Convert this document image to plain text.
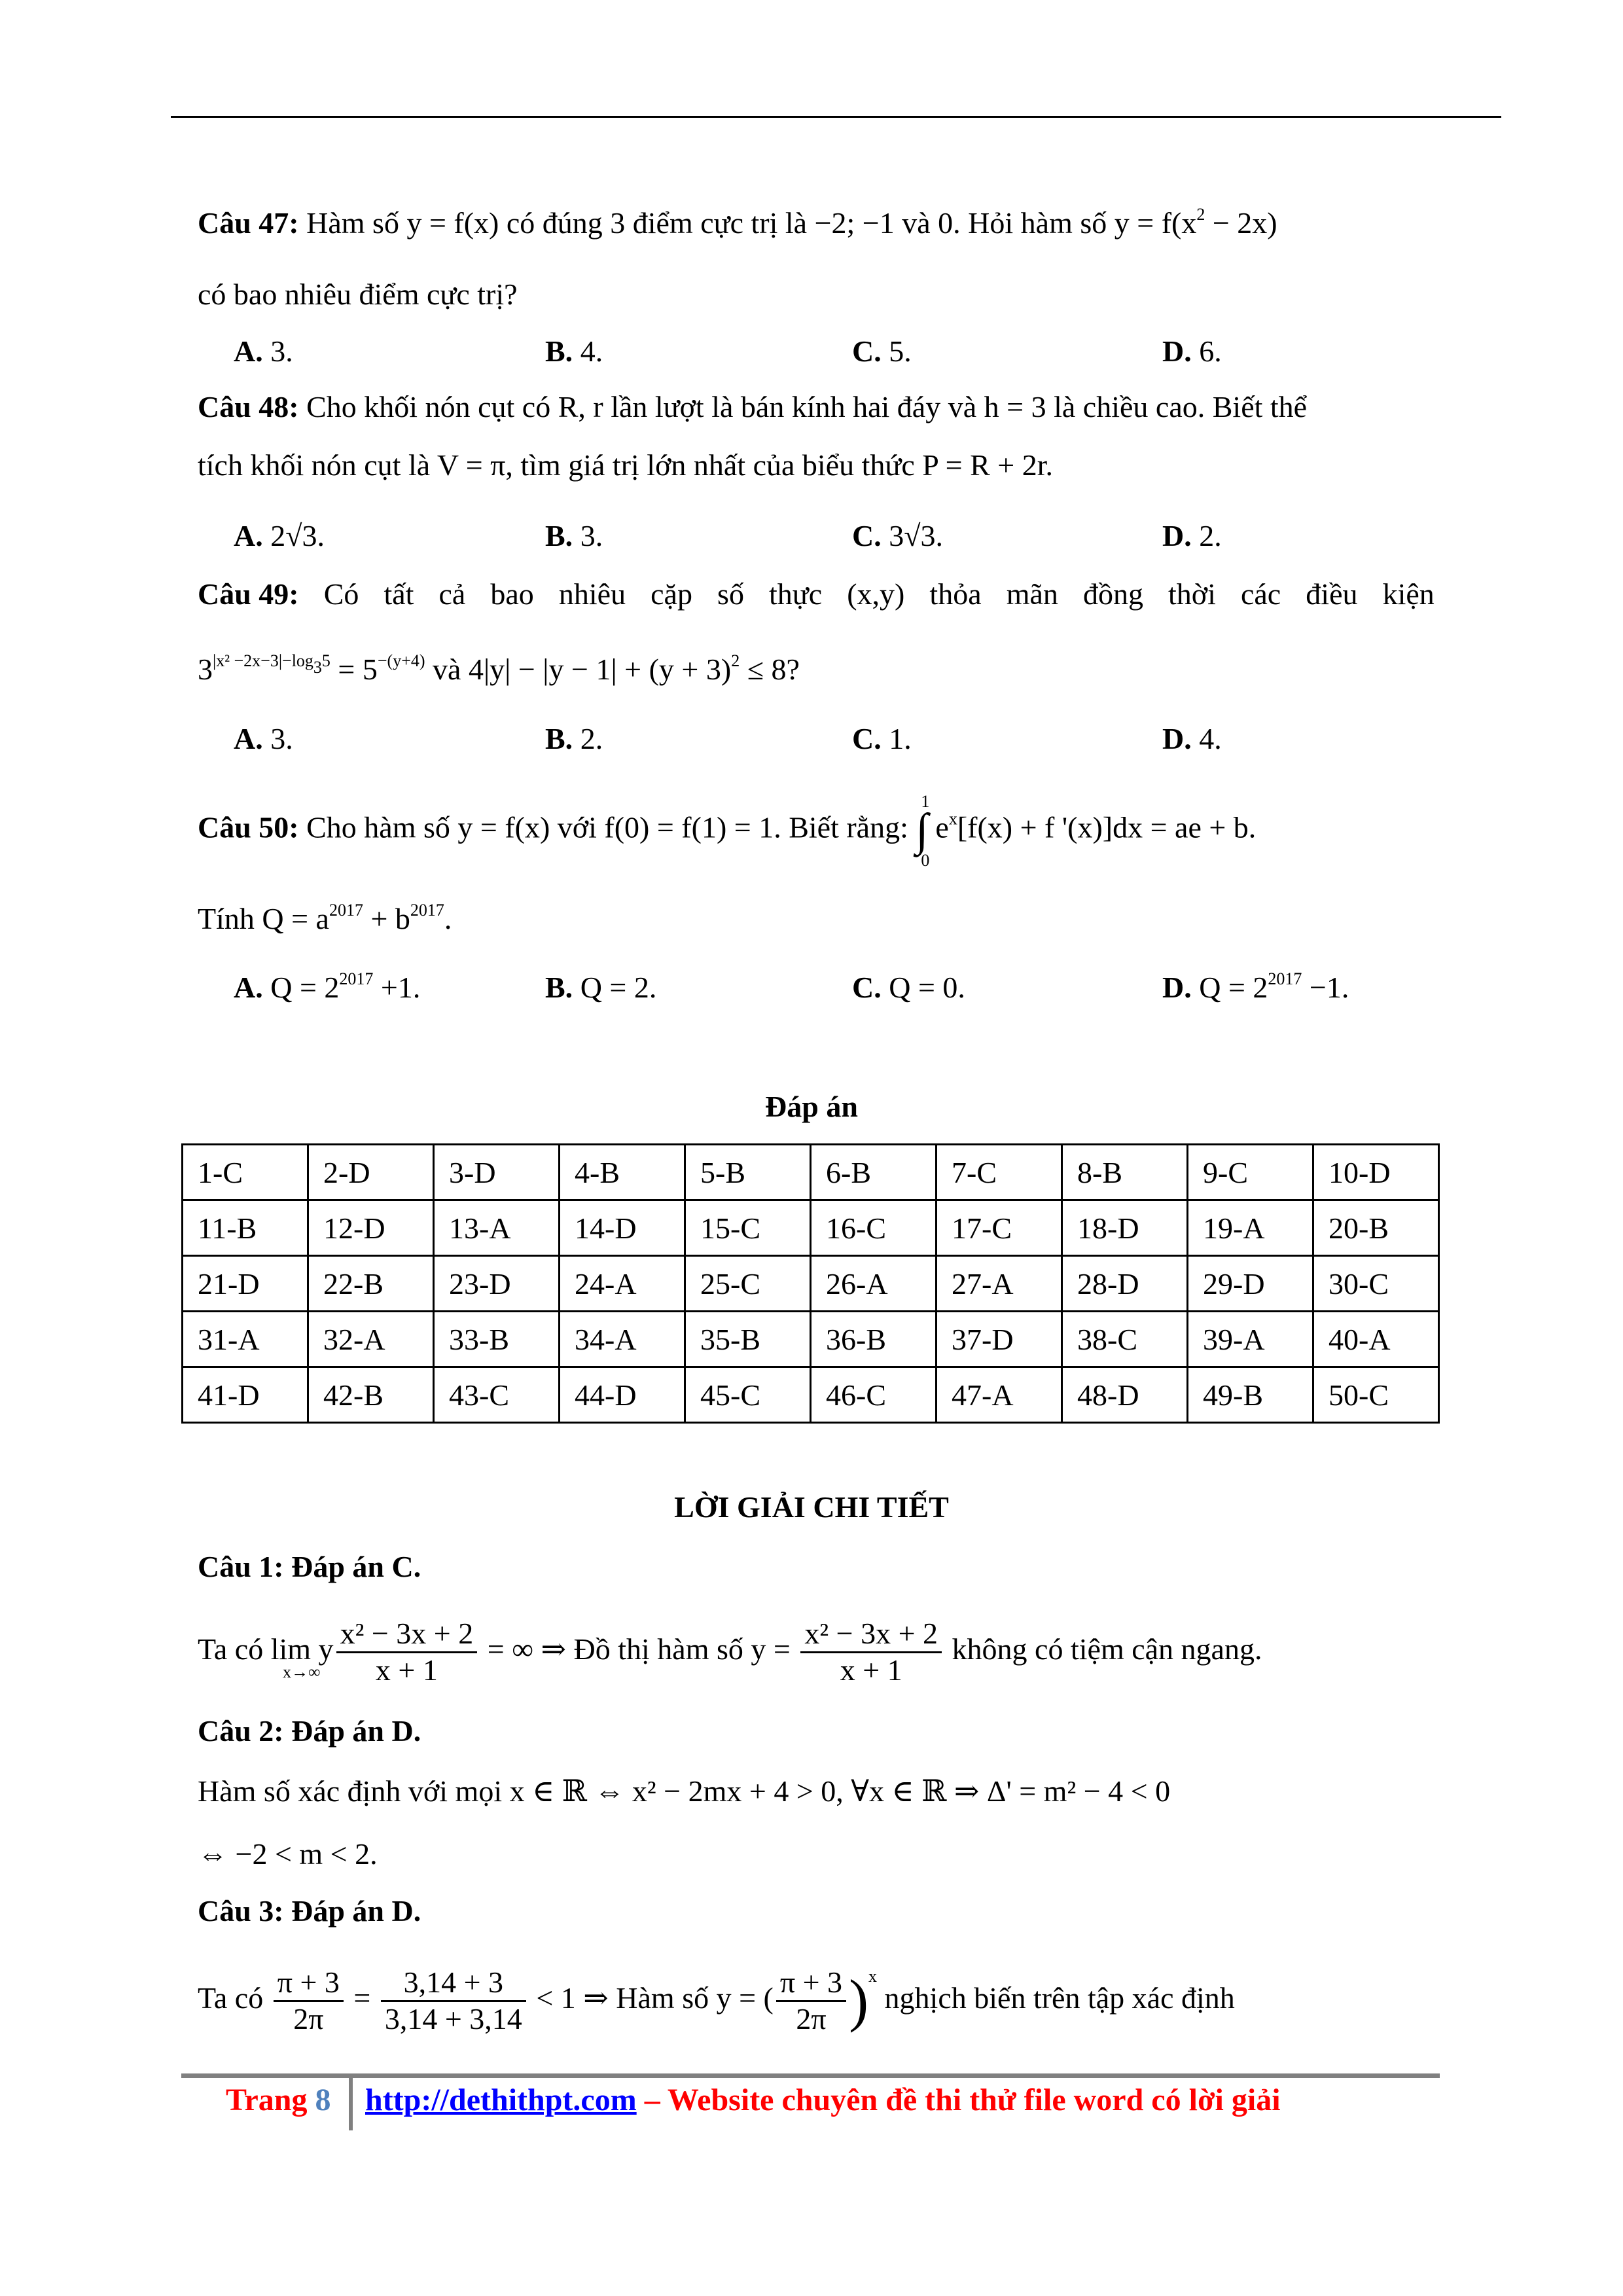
Câu 47: Hàm số y = f(x) có đúng 3 điểm cực trị là −2; −1 và 0. Hỏi hàm số $y = f(x^2 - 2x)$
có bao nhiêu điểm cực trị?
A. 3.	B. 4.	C. 5.	D. 6.
Câu 48: Cho khối nón cụt có R, r lần lượt là bán kính hai đáy và h = 3 là chiều cao. Biết thể
tích khối nón cụt là V = π, tìm giá trị lớn nhất của biểu thức P = R + 2r.
A. 2√3.	B. 3.	C. 3√3.	D. 2.
Câu 49: Có tất cả bao nhiêu cặp số thực (x,y) thỏa mãn đồng thời các điều kiện
$3^{|x^2 -2x-3|-log_35} = 5^{-(y+4)}$ và $4|y| - |y - 1| + (y + 3)^2 \le 8$?
A. 3.	B. 2.	C. 1.	D. 4.
Câu 50: Cho hàm số y = f(x) với f(0) = f(1) = 1. Biết rằng: ∫
1
0
$e^x[f(x) + f$ '(x)]dx = ae + b.
Tính $Q = a^{2017} + b^{2017}$.
A. $Q = 2^{2017} +1$.	B. Q = 2.	C. Q = 0.	D. $Q = 2^{2017} -1$.
Đáp án
1-C	2-D	3-D	4-B	5-B	6-B	7-C	8-B	9-C	10-D
11-B	12-D	13-A	14-D	15-C	16-C	17-C	18-D	19-A	20-B
21-D	22-B	23-D	24-A	25-C	26-A	27-A	28-D	29-D	30-C
31-A	32-A	33-B	34-A	35-B	36-B	37-D	38-C	39-A	40-A
41-D	42-B	43-C	44-D	45-C	46-C	47-A	48-D	49-B	50-C
LỜI GIẢI CHI TIẾT
Câu 1: Đáp án C.
Ta có lim y $\frac{\text{x² − 3x + 2}}{x + 1}$ = ∞ ⇒ Đồ thị hàm số $y = \frac{\text{x² − 3x + 2}}{x + 1}$ không có tiệm cận ngang.
x→∞
Câu 2: Đáp án D.
Hàm số xác định với mọi x ∈ ℝ ⇔ x² − 2mx + 4 > 0, ∀x ∈ ℝ ⇒ Δ' = m² − 4 < 0
⇔ −2 < m < 2.
Câu 3: Đáp án D.
Ta có $\frac{\pi + 3}{2\pi} = \frac{3,14 + 3}{3,14 + 3,14} < 1$ ⇒ Hàm số y = ( $\frac{\pi + 3}{2\pi} )^x$ nghịch biến trên tập xác định
Trang 8 http://dethithpt.com – Website chuyên đề thi thử file word có lời giải
